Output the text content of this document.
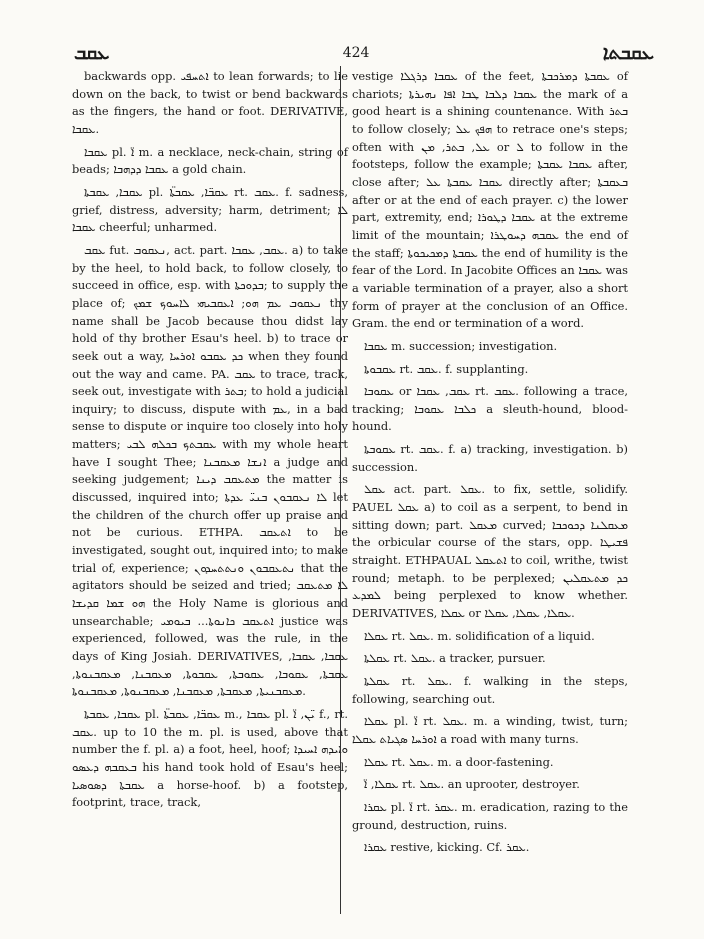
ܥܩܒ	424	ܥܩܒܬܐ

backwards opp. ܐܬܚܦܝ to lean forwards; to lie down on the back, to twist or bend backwards as the fingers, the hand or foot. DERIVATIVE, ܥܩܒܐ.

ܥܩܒܐ pl. ܐ̈ m. a necklace, neck-chain, string of beads; ܥܩܒܐ ܕܕܗܒܐ a gold chain.

ܥܩܒܐ, ܥܩܒܬܐ pl. ܥܩܒ̈ܐ, ܥܩܒܬ̈ܐ rt. ܥܩܒ. f. sadness, grief, distress, adversity; harm, detriment; ܠܐ ܥܩܒܐ cheerful; unharmed.

ܥܩܒ fut. ܢܥܩܘܒ, act. part. ܥܩܒ, ܥܩܒܐ. a) to take by the heel, to hold back, to follow closely, to succeed in office, esp. with ܒܕܘܟܬܐ; to supply the place of; ܢܥܩܘܒ ܥܡ ܗܘ; ܐܥܩܒܝܗܝ ܠܐܚܘܟ ܫܡܟ thy name shall be Jacob because thou didst lay hold of thy brother Esau's heel. b) to trace or seek out a way, ܟܕ ܥܩܒܘ ܐܘܪܚܐ when they found out the way and came. PA. ܥܩܒ to trace, track, seek out, investigate with ܒܬܪ; to hold a judicial inquiry; to discuss, dispute with ܥܡ, in a bad sense to dispute or inquire too closely into holy matters; ܥܩܒܬܟ ܒܟܠܗ ܠܒܝ with my whole heart have I sought Thee; ܐܢܫܐ ܡܥܩܒܢܐ a judge and seeking judgement; ܡܬܥܩܒ ܕܝܢܐ the matter is discussed, inquired into; ܠܐ ܢܥܩܒܘܢ ܒܢܝ̈ ܥܕܬܐ let the children of the church offer up praise and not be curious. ETHPA. ܐܬܥܩܒ to be investigated, sought out, inquired into; to make trial of, experience; ܢܬܥܩܒܘܢ ܘܢܬܬܚܕܘܢ that the agitators should be seized and tried; ܠܐ ܡܬܥܩܒ ܗܘ ܫܡܐ ܩܕܝܫܐ the Holy Name is glorious and unsearchable; ܐܬܥܩܒ ܟܐܢܘܬܐ... ܒܝܘܡܝ justice was experienced, followed, was the rule, in the days of King Josiah. DERIVATIVES, ܥܩܒܐ, ܥܩܒܐ, ܥܩܒܬܐ, ܥܩܘܒܐ, ܥܩܘܒܬܐ, ܥܩܒܘܬܐ, ܡܥܩܒܢܐ, ܡܥܩܒܢܘܬܐ, ܡܥܩܒܢܝܬܐ, ܡܥܩܒܬܐ, ܡܥܩܒܢܐ, ܡܥܩܒܢܘܬܐ, ܡܥܩܒܢܘܬܐ.

ܥܩܒܐ, ܥܩܒܬܐ pl. ܥܩܒ̈ܐ, ܥܩܒܬ̈ܐ m., ܥܩܒܐ pl. ܝ̈ܢ, ܐ̈ f., rt. ܥܩܒ. up to 10 the m. pl. is used, above that number the f. pl. a) a foot, heel, hoof; ܘܐܝܕܗ ܐܚܝܕܐ ܒܥܩܒܗ ܕܥܣܘ his hand took hold of Esau's heel; ܥܩܒܬܐ ܕܣܘܣܝܐ a horse-hoof. b) a footstep, footprint, trace, track,

vestige ܥܩܒܐ ܕܪܓܠܐ of the feet, ܥܩܒܬܐ ܕܡܪܟܒܬܐ of chariots; ܥܩܒܐ ܕܠܒܐ ܛܒܐ ܐܦܐ ܢܗܝܪܬܐ the mark of a good heart is a shining countenance. With ܒܬܪ to follow closely; ܗܦܟ ܥܠ to retrace one's steps; often with ܥܠ, ܒܬܪ, ܡܢ or ܠ to follow in the footsteps, follow the example; ܥܩܒܐ ܥܩܒܬܐ after, close after; ܥܩܒܐ ܥܩܒܬܐ ܥܠ directly after; ܒܥܩܒܬܐ after or at the end of each prayer. c) the lower part, extremity, end; ܥܩܒܐ ܕܛܘܪܐ at the extreme limit of the mountain; ܥܩܒܗ ܕܚܘܛܪܐ the end of the staff; ܥܩܒܬܐ ܕܡܟܝܟܘܬܐ the end of humility is the fear of the Lord. In Jacobite Offices an ܥܩܒܐ was a variable termination of a prayer, also a short form of prayer at the conclusion of an Office. Gram. the end or termination of a word.

ܥܩܒܐ m. succession; investigation.

ܥܩܒܘܬܐ rt. ܥܩܒ. f. supplanting.

ܥܩܘܒܐ or ܥܩܒ, ܥܩܒܐ rt. ܥܩܒ. following a trace, tracking; ܟܠܒܐ ܥܩܘܒܐ a sleuth-hound, blood-hound.

ܥܩܘܒܬܐ rt. ܥܩܒ. f. a) tracking, investigation. b) succession.

ܥܩܠ act. part. ܥܩܠ. to fix, settle, solidify. PAUEL ܥܩܠ a) to coil as a serpent, to bend in sitting down; part. ܡܥܩܠ curved; ܡܥܩܠܢܐ ܕܟܘܟܒܐ the orbicular course of the stars, opp. ܦܫܝܛܐ straight. ETHPAUAL ܐܬܥܩܠ to coil, writhe, twist round; metaph. to be perplexed; ܟܕ ܡܬܥܩܠܝܢ ܠܡܕܥ being perplexed to know whether. DERIVATIVES, ܥܩܠܐ or ܥܩܠܐ, ܥܩܠܐ, ܥܩܠܐ.

ܥܩܠܐ rt. ܥܩܠ. m. solidification of a liquid.

ܥܩܠܬܐ rt. ܥܩܠ. a tracker, pursuer.

ܥܩܠܬܐ rt. ܥܩܠ. f. walking in the steps, following, searching out.

ܥܩܠܐ pl. ܐ̈ rt. ܥܩܠ. m. a winding, twist, turn; ܐܘܪܚܐ ܣܓܝܐܬ ܥܩܠܐ a road with many turns.

ܥܩܠܐ rt. ܥܩܠ. m. a door-fastening.

ܥܩܠܐ, ܐ̈ rt. ܥܩܠ. an uprooter, destroyer.

ܥܩܪܐ pl. ܐ̈ rt. ܥܩܪ. m. eradication, razing to the ground, destruction, ruins.

ܥܩܪܐ restive, kicking. Cf. ܥܩܪ.
